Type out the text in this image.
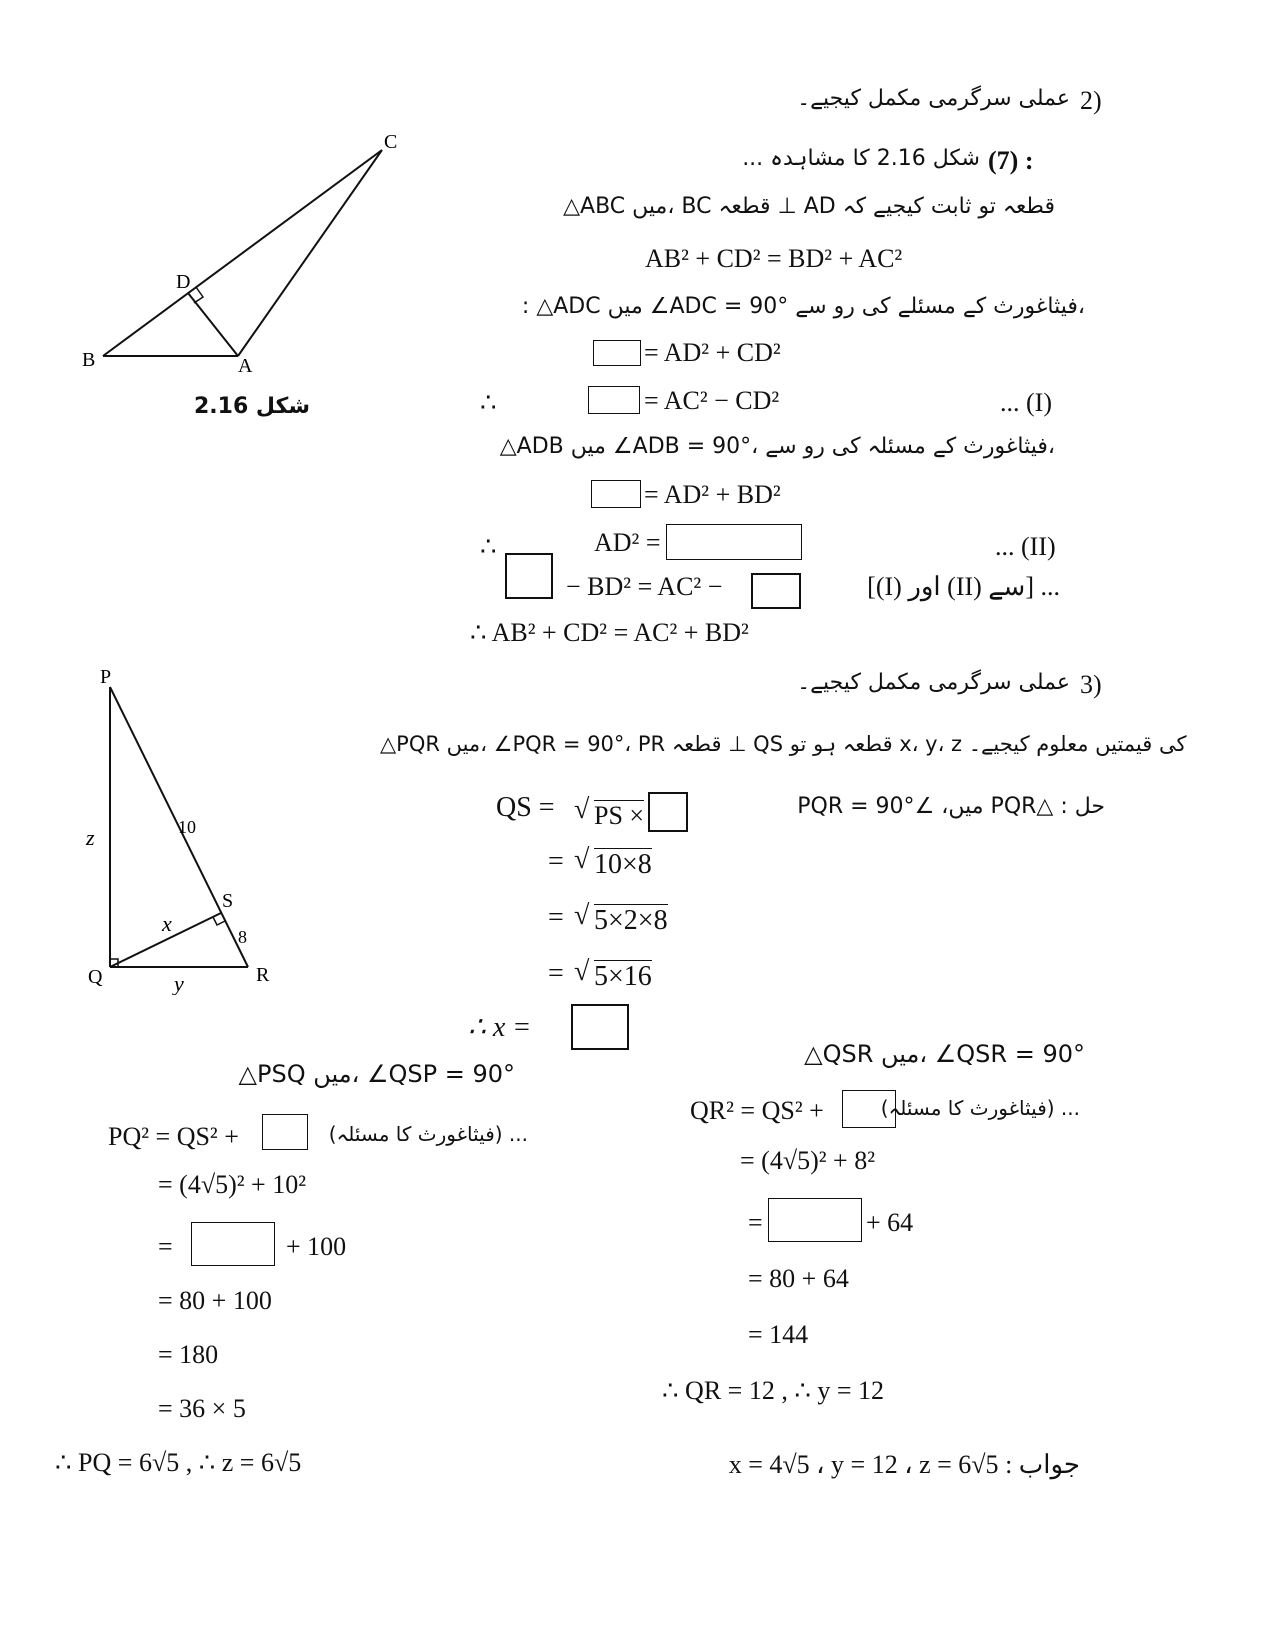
B	A
C
D
شکل 2.16
عملی سرگرمی مکمل کیجیے۔ 2)
شکل 2.16 کا مشاہدہ ... (7) :
△ABC میں، BC قطعہ ⊥ AD قطعہ تو ثابت کیجیے کہ
AB² + CD² = BD² + AC²
: △ADC میں ∠ADC = 90° فیثاغورث کے مسئلے کی رو سے،
= AD² + CD²
∴	= AC² − CD²	... (I)
△ADB میں ∠ADB = 90°، فیثاغورث کے مسئلہ کی رو سے،
= AD² + BD²
∴	AD² =	... (II)
− BD² = AC² −	[(I) اور (II) سے] ...
∴ AB² + CD² = AC² + BD²
P
Q	R
S
10
8
z
x
y
عملی سرگرمی مکمل کیجیے۔ 3)
△PQR میں، ∠PQR = 90°، PR قطعہ ⊥ QS قطعہ ہو تو x، y، z کی قیمتیں معلوم کیجیے۔
حل : △PQR میں، ∠PQR = 90°
QS = √ PS ×
= √ 10×8
= √ 5×2×8
= √ 5×16
∴ x =
△PSQ میں، ∠QSP = 90°
PQ² = QS² +	... (فیثاغورث کا مسئلہ)
= (4√5)² + 10²
=	+ 100
= 80 + 100
= 180
= 36 × 5
∴ PQ = 6√5 , ∴ z = 6√5
△QSR میں، ∠QSR = 90°
QR² = QS² +	... (فیثاغورث کا مسئلہ)
= (4√5)² + 8²
=	+ 64
= 80 + 64
= 144
∴ QR = 12 , ∴ y = 12
جواب : x = 4√5 ، y = 12 ، z = 6√5
